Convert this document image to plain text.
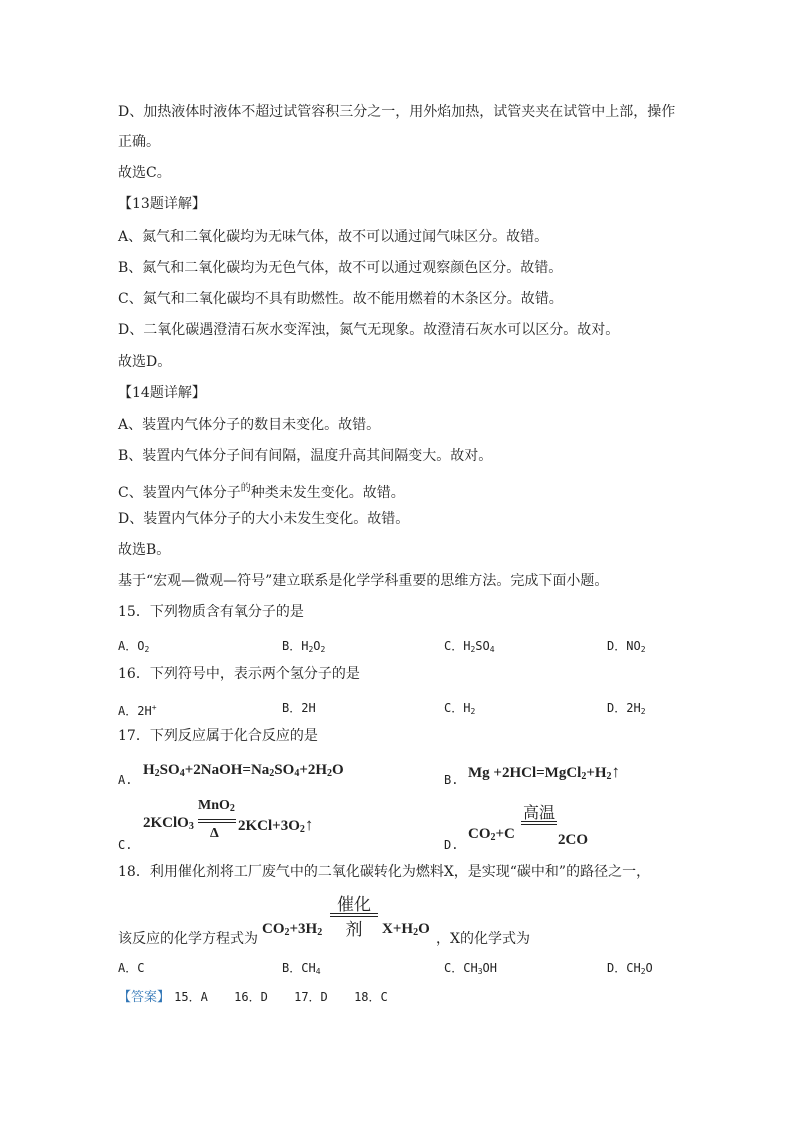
D、加热液体时液体不超过试管容积三分之一，用外焰加热，试管夹夹在试管中上部，操作
正确。
故选C。
【13题详解】
A、氮气和二氧化碳均为无味气体，故不可以通过闻气味区分。故错。
B、氮气和二氧化碳均为无色气体，故不可以通过观察颜色区分。故错。
C、氮气和二氧化碳均不具有助燃性。故不能用燃着的木条区分。故错。
D、二氧化碳遇澄清石灰水变浑浊，氮气无现象。故澄清石灰水可以区分。故对。
故选D。
【14题详解】
A、装置内气体分子的数目未变化。故错。
B、装置内气体分子间有间隔，温度升高其间隔变大。故对。
C、装置内气体分子$^的$种类未发生变化。故错。
D、装置内气体分子的大小未发生变化。故错。
故选B。
基于“宏观—微观—符号”建立联系是化学学科重要的思维方法。完成下面小题。
15．下列物质含有氧分子的是
A．$O_2$	B．$H_2O_2$	C．$H_2SO_4$	D．$NO_2$
16．下列符号中，表示两个氢分子的是
A．2H+	B．2H	C．$H_2$	D．$2H_2$
17．下列反应属于化合反应的是
A.
$H_2SO_4+2NaOH=Na_2SO_4+2H_2O$
B. $Mg +2HCl=MgCl_2+H_2↑$
C.
2KClO$_3$
MnO$_2$
Δ $2KCl+3O_2↑$
D.
高温
$CO_2+C$	2CO
18．利用催化剂将工厂废气中的二氧化碳转化为燃料X，是实现“碳中和”的路径之一，
催化剂
该反应的化学方程式为
$CO_2+3H_2$	$X+H_2O$
，X的化学式为
A．C	B．$CH_4$	C．$CH_3OH$	D．$CH_2O$
【答案】 15．A 16．D 17．D 18．C
